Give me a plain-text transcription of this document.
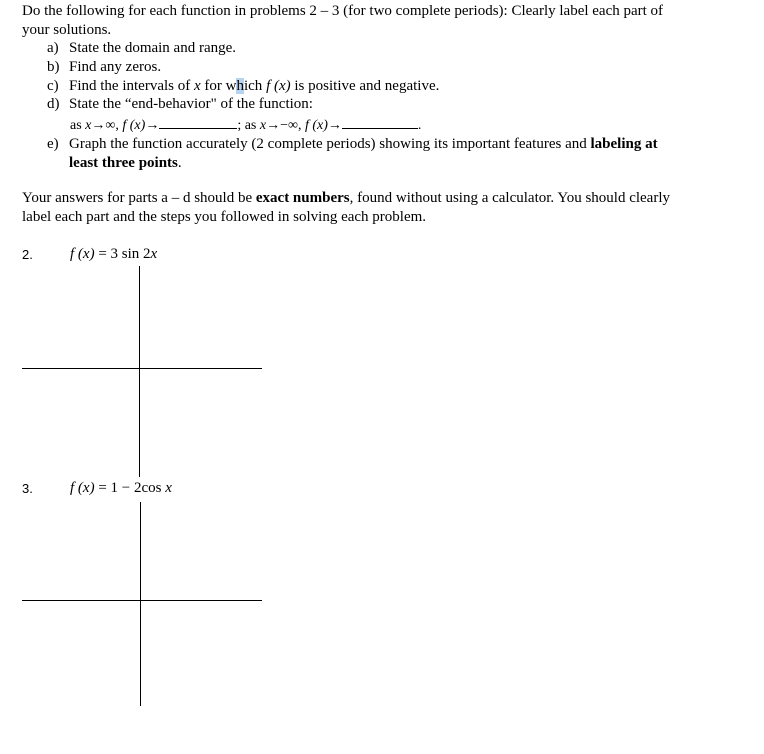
Do the following for each function in problems 2 – 3 (for two complete periods): Clearly label each part of
your solutions.
a) State the domain and range.
b) Find any zeros.
c) Find the intervals of x for which f (x) is positive and negative.
d) State the “end-behavior" of the function:
as x→∞, f (x)→	; as x→−∞, f (x)→	.
e) Graph the function accurately (2 complete periods) showing its important features and labeling at
least three points.
Your answers for parts a – d should be exact numbers, found without using a calculator. You should clearly
label each part and the steps you followed in solving each problem.
2. f (x) = 3 sin 2x
3. f (x) = 1 − 2cos x
